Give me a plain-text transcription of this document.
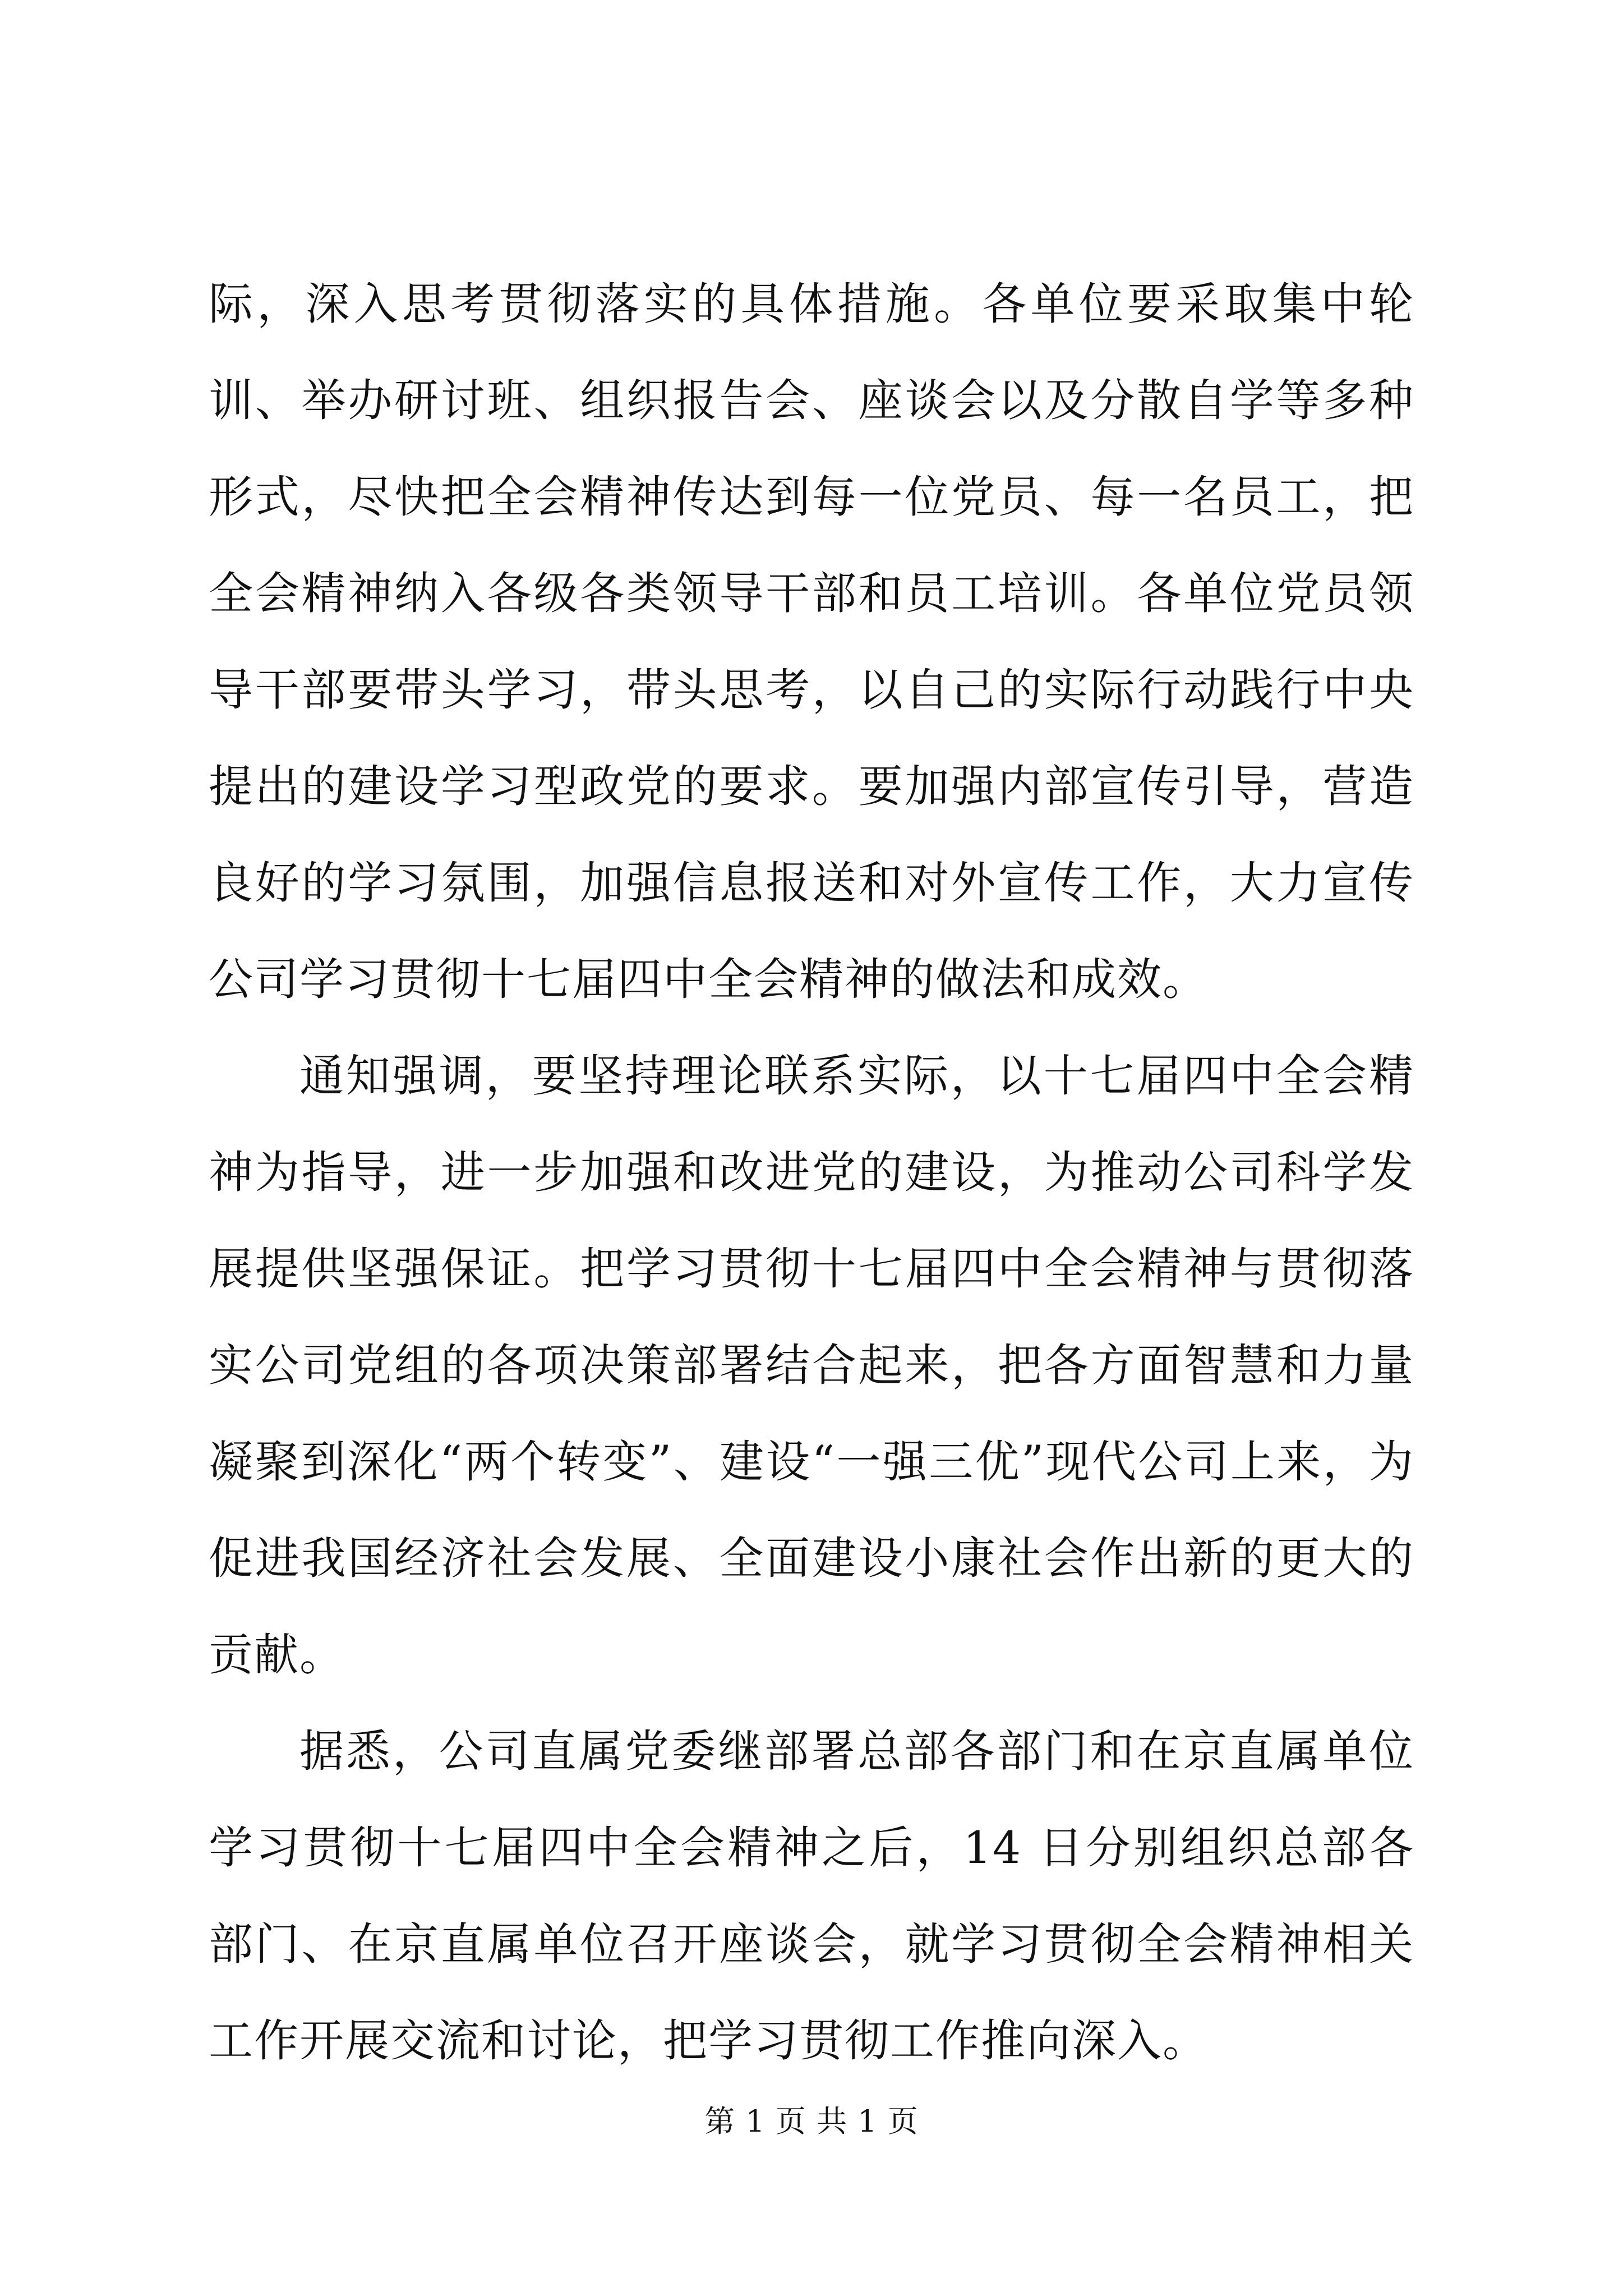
际，深入思考贯彻落实的具体措施。各单位要采取集中轮训、举办研讨班、组织报告会、座谈会以及分散自学等多种形式，尽快把全会精神传达到每一位党员、每一名员工，把全会精神纳入各级各类领导干部和员工培训。各单位党员领导干部要带头学习，带头思考，以自己的实际行动践行中央提出的建设学习型政党的要求。要加强内部宣传引导，营造良好的学习氛围，加强信息报送和对外宣传工作，大力宣传公司学习贯彻十七届四中全会精神的做法和成效。

通知强调，要坚持理论联系实际，以十七届四中全会精神为指导，进一步加强和改进党的建设，为推动公司科学发展提供坚强保证。把学习贯彻十七届四中全会精神与贯彻落实公司党组的各项决策部署结合起来，把各方面智慧和力量凝聚到深化“两个转变”、建设“一强三优”现代公司上来，为促进我国经济社会发展、全面建设小康社会作出新的更大的贡献。

据悉，公司直属党委继部署总部各部门和在京直属单位学习贯彻十七届四中全会精神之后，14 日分别组织总部各部门、在京直属单位召开座谈会，就学习贯彻全会精神相关工作开展交流和讨论，把学习贯彻工作推向深入。

第 1 页 共 1 页
